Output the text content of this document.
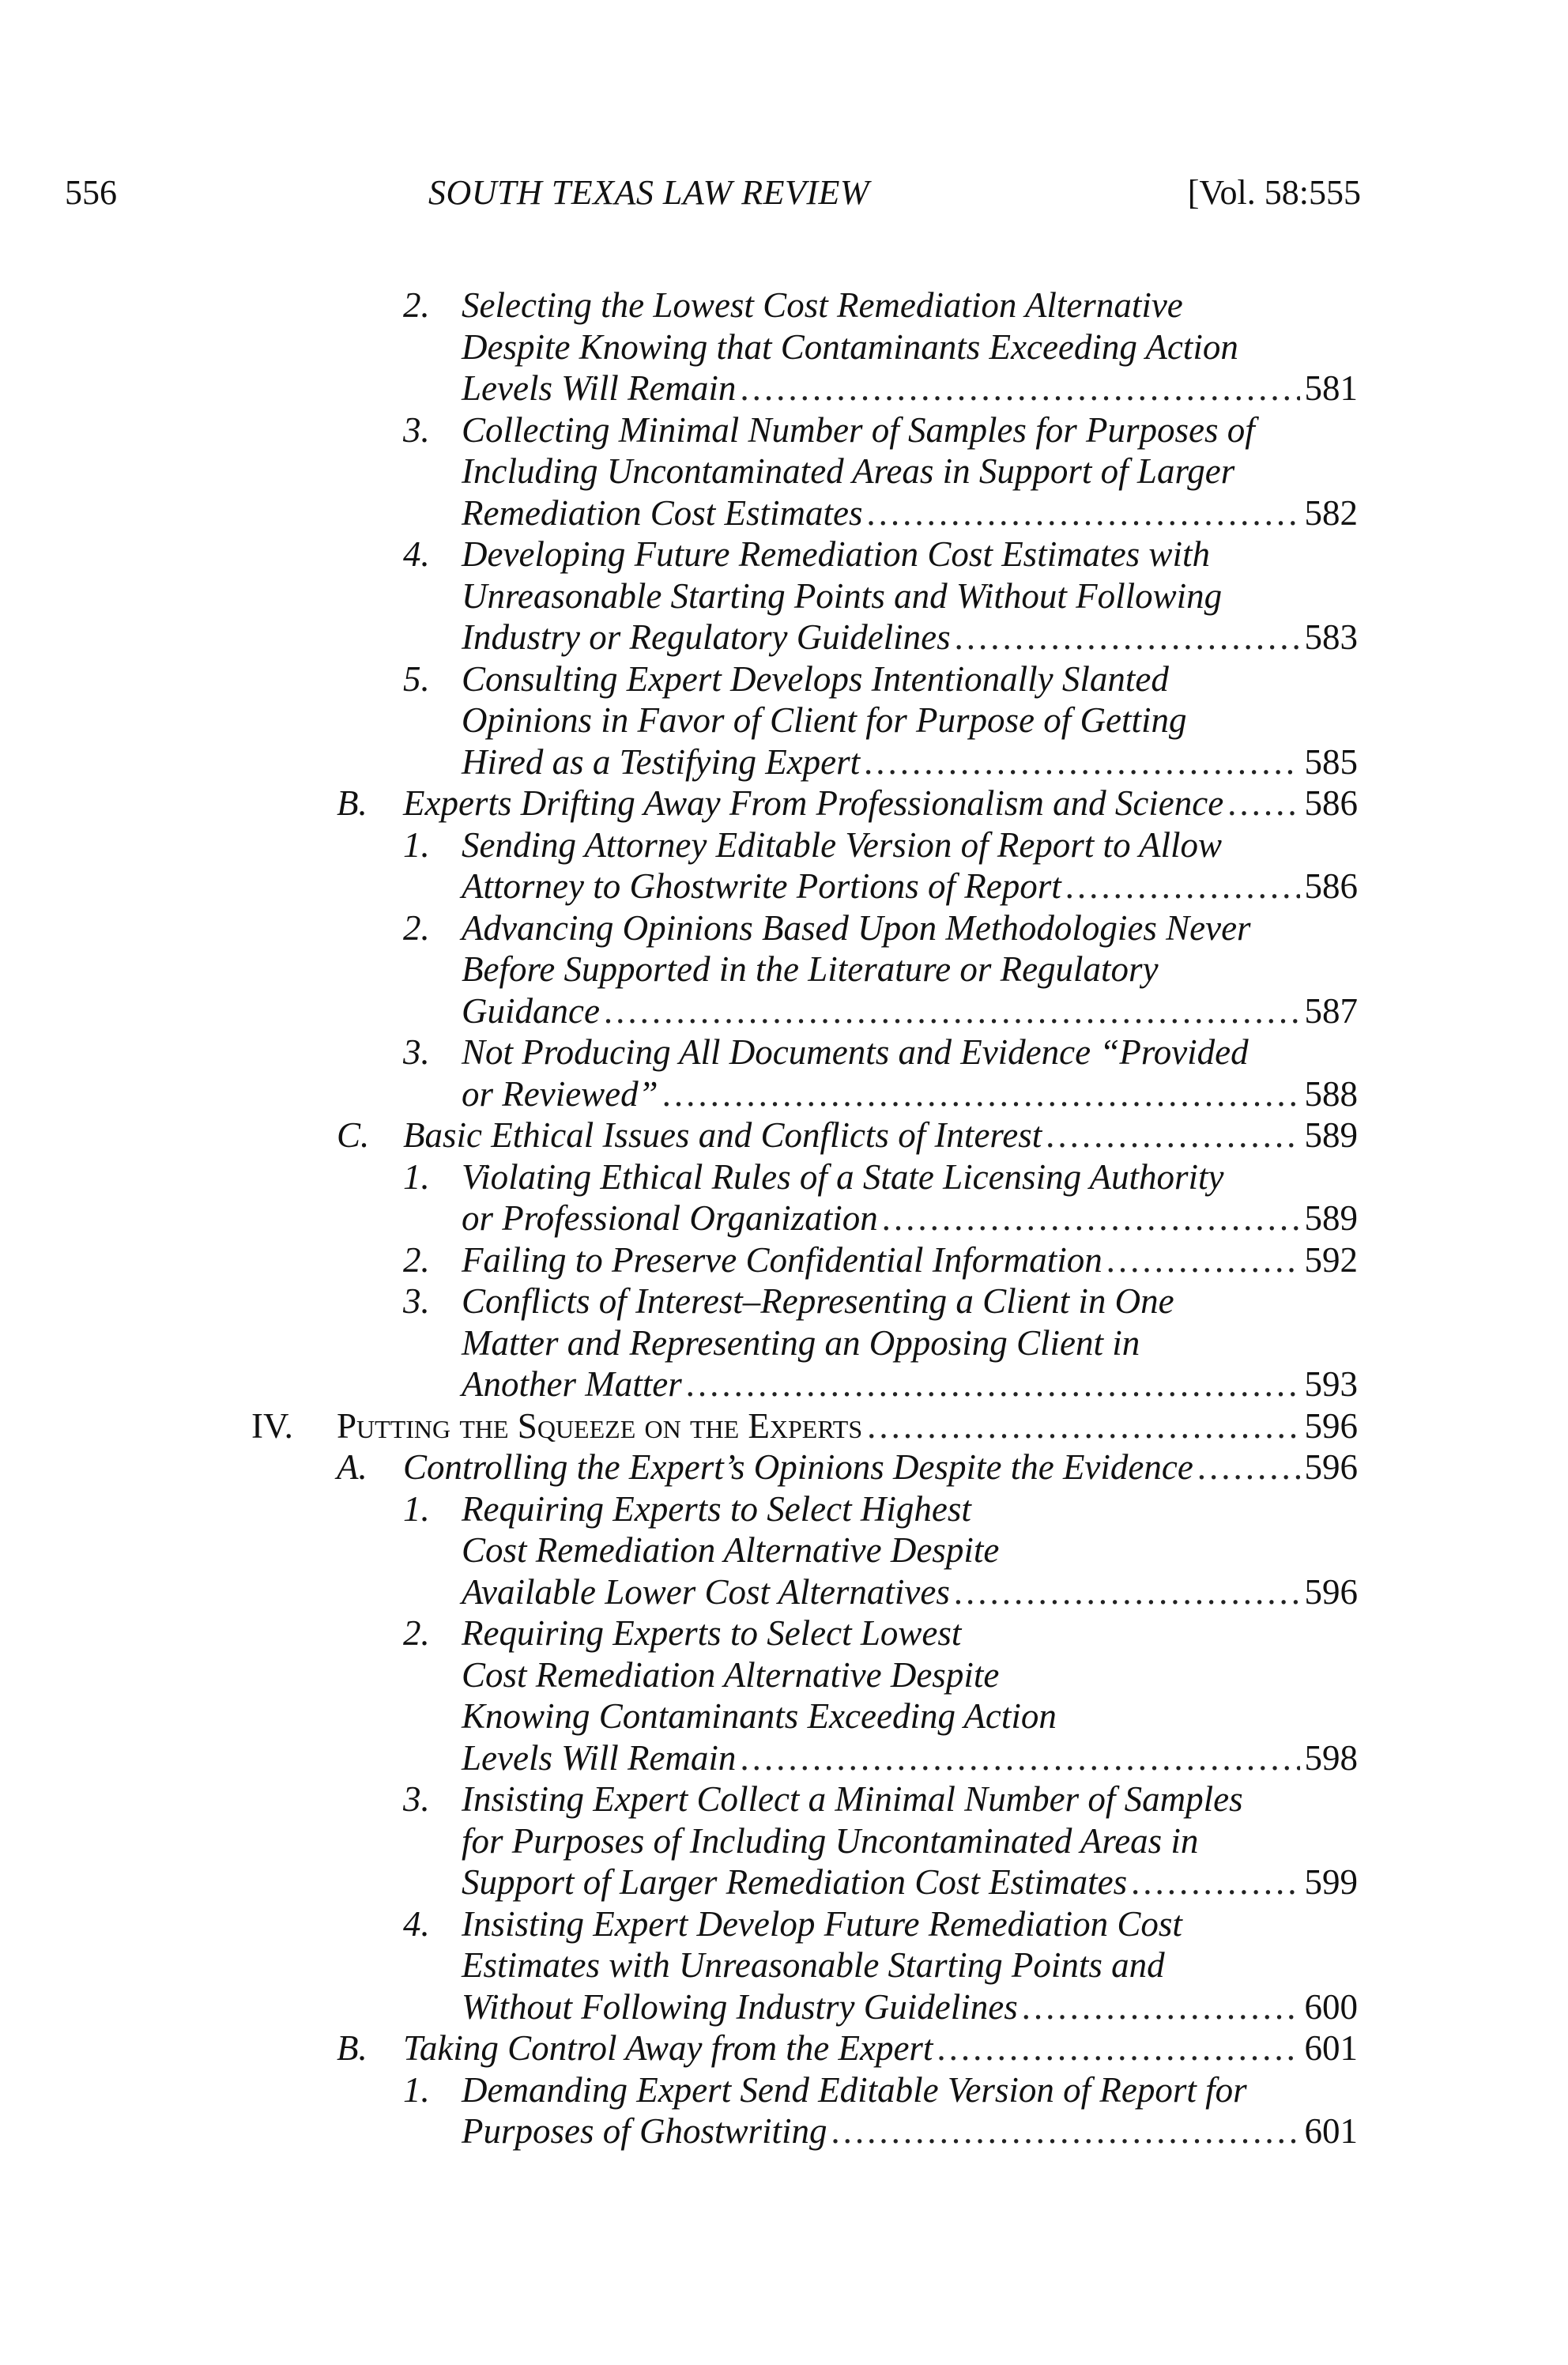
556	SOUTH TEXAS LAW REVIEW	[Vol. 58:555
2. Selecting the Lowest Cost Remediation Alternative
Despite Knowing that Contaminants Exceeding Action
Levels Will Remain .....	581
3. Collecting Minimal Number of Samples for Purposes of
Including Uncontaminated Areas in Support of Larger
Remediation Cost Estimates .....	582
4. Developing Future Remediation Cost Estimates with
Unreasonable Starting Points and Without Following
Industry or Regulatory Guidelines .....	583
5. Consulting Expert Develops Intentionally Slanted
Opinions in Favor of Client for Purpose of Getting
Hired as a Testifying Expert .....	585
B. Experts Drifting Away From Professionalism and Science ..... 586
1. Sending Attorney Editable Version of Report to Allow
Attorney to Ghostwrite Portions of Report .....	586
2. Advancing Opinions Based Upon Methodologies Never
Before Supported in the Literature or Regulatory
Guidance .....	587
3. Not Producing All Documents and Evidence “Provided
or Reviewed” .....	588
C. Basic Ethical Issues and Conflicts of Interest .....	589
1. Violating Ethical Rules of a State Licensing Authority
or Professional Organization .....	589
2. Failing to Preserve Confidential Information .....	592
3. Conflicts of Interest–Representing a Client in One
Matter and Representing an Opposing Client in
Another Matter .....	593
IV. Putting the Squeeze on the Experts .....	596
A. Controlling the Expert’s Opinions Despite the Evidence .....	596
1. Requiring Experts to Select Highest
Cost Remediation Alternative Despite
Available Lower Cost Alternatives .....	596
2. Requiring Experts to Select Lowest
Cost Remediation Alternative Despite
Knowing Contaminants Exceeding Action
Levels Will Remain .....	598
3. Insisting Expert Collect a Minimal Number of Samples
for Purposes of Including Uncontaminated Areas in
Support of Larger Remediation Cost Estimates .....	599
4. Insisting Expert Develop Future Remediation Cost
Estimates with Unreasonable Starting Points and
Without Following Industry Guidelines .....	600
B. Taking Control Away from the Expert .....	601
1. Demanding Expert Send Editable Version of Report for
Purposes of Ghostwriting .....	601
